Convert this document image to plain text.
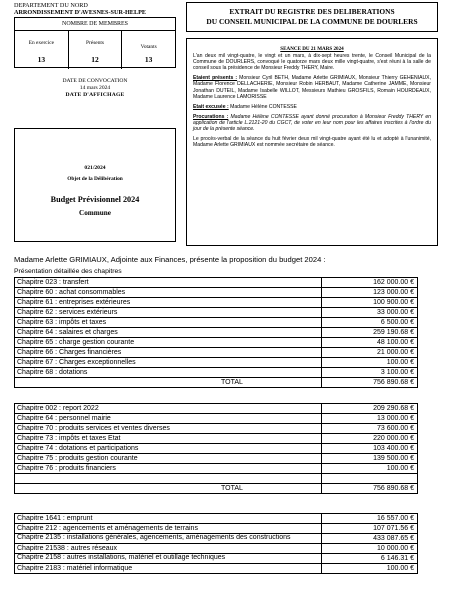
DEPARTEMENT DU NORD
ARRONDISSEMENT D'AVESNES-SUR-HELPE
NOMBRE DE MEMBRES
En exercice
13
Présents
12
Votants
13
DATE DE CONVOCATION
14 mars 2024
DATE D'AFFICHAGE
021/2024
Objet de la Délibération
Budget Prévisionnel 2024
Commune
EXTRAIT DU REGISTRE DES DELIBERATIONS
DU CONSEIL MUNICIPAL DE LA COMMUNE DE DOURLERS
SEANCE DU 21 MARS 2024

L'an deux mil vingt-quatre, le vingt et un mars, à dix-sept heures trente, le Conseil Municipal de la Commune de DOURLERS, convoqué le quatorze mars deux mille vingt-quatre, s'est réuni à la salle de conseil sous la présidence de Monsieur Freddy THERY, Maire.

Etaient présents : Monsieur Cyril BETH, Madame Arlette GRIMIAUX, Monsieur Thierry GEHENIAUX, Madame Florence DELLACHERIE, Monsieur Robin HERBAUT, Madame Catherine JAMME, Monsieur Jonathan DUTEIL, Madame Isabelle WILLOT, Messieurs Mathieu GROSFILS, Romain HOURDEAUX, Madame Laurence LAMORISSE

Etait excusée : Madame Hélène CONTESSE

Procurations : Madame Hélène CONTESSE ayant donné procuration à Monsieur Freddy THERY en application de l'article L.2121-20 du CGCT, de voter en leur nom pour les affaires inscrites à l'ordre du jour de la présente séance.

Le procès-verbal de la séance du huit février deux mil vingt-quatre ayant été lu et adopté à l'unanimité, Madame Arlette GRIMIAUX est nommée secrétaire de séance.

Madame Arlette GRIMIAUX, Adjointe aux Finances, présente la proposition du budget 2024 :
Présentation détaillée des chapitres
Chapitre 023 : transfert	162 000.00 €
Chapitre 60 : achat consommables	123 000.00 €
Chapitre 61 : entreprises extérieures	100 900.00 €
Chapitre 62 : services extérieurs	33 000.00 €
Chapitre 63 : impôts et taxes	6 500.00 €
Chapitre 64 : salaires et charges	259 190.68 €
Chapitre 65 : charge gestion courante	48 100.00 €
Chapitre 66 : Charges financières	21 000.00 €
Chapitre 67 : Charges exceptionnelles	100.00 €
Chapitre 68 : dotations	3 100.00 €
TOTAL	756 890.68 €
Chapitre 002 : report 2022	209 290.68 €
Chapitre 64 : personnel mairie	13 000.00 €
Chapitre 70 : produits services et ventes diverses	73 600.00 €
Chapitre 73 : impôts et taxes Etat	220 000.00 €
Chapitre 74 : dotations et participations	103 400.00 €
Chapitre 75 : produits gestion courante	139 500.00 €
Chapitre 76 : produits financiers	100.00 €

TOTAL	756 890.68 €
Chapitre 1641 : emprunt	16 557.00 €
Chapitre 212 : agencements et aménagements de terrains	107 071.56 €
Chapitre 2135 : installations générales, agencements, aménagements des constructions	433 087.65 €
Chapitre 21538 : autres réseaux	10 000.00 €
Chapitre 2158 : autres installations, matériel et outillage techniques	6 146.31 €
Chapitre 2183 : matériel informatique	100.00 €
